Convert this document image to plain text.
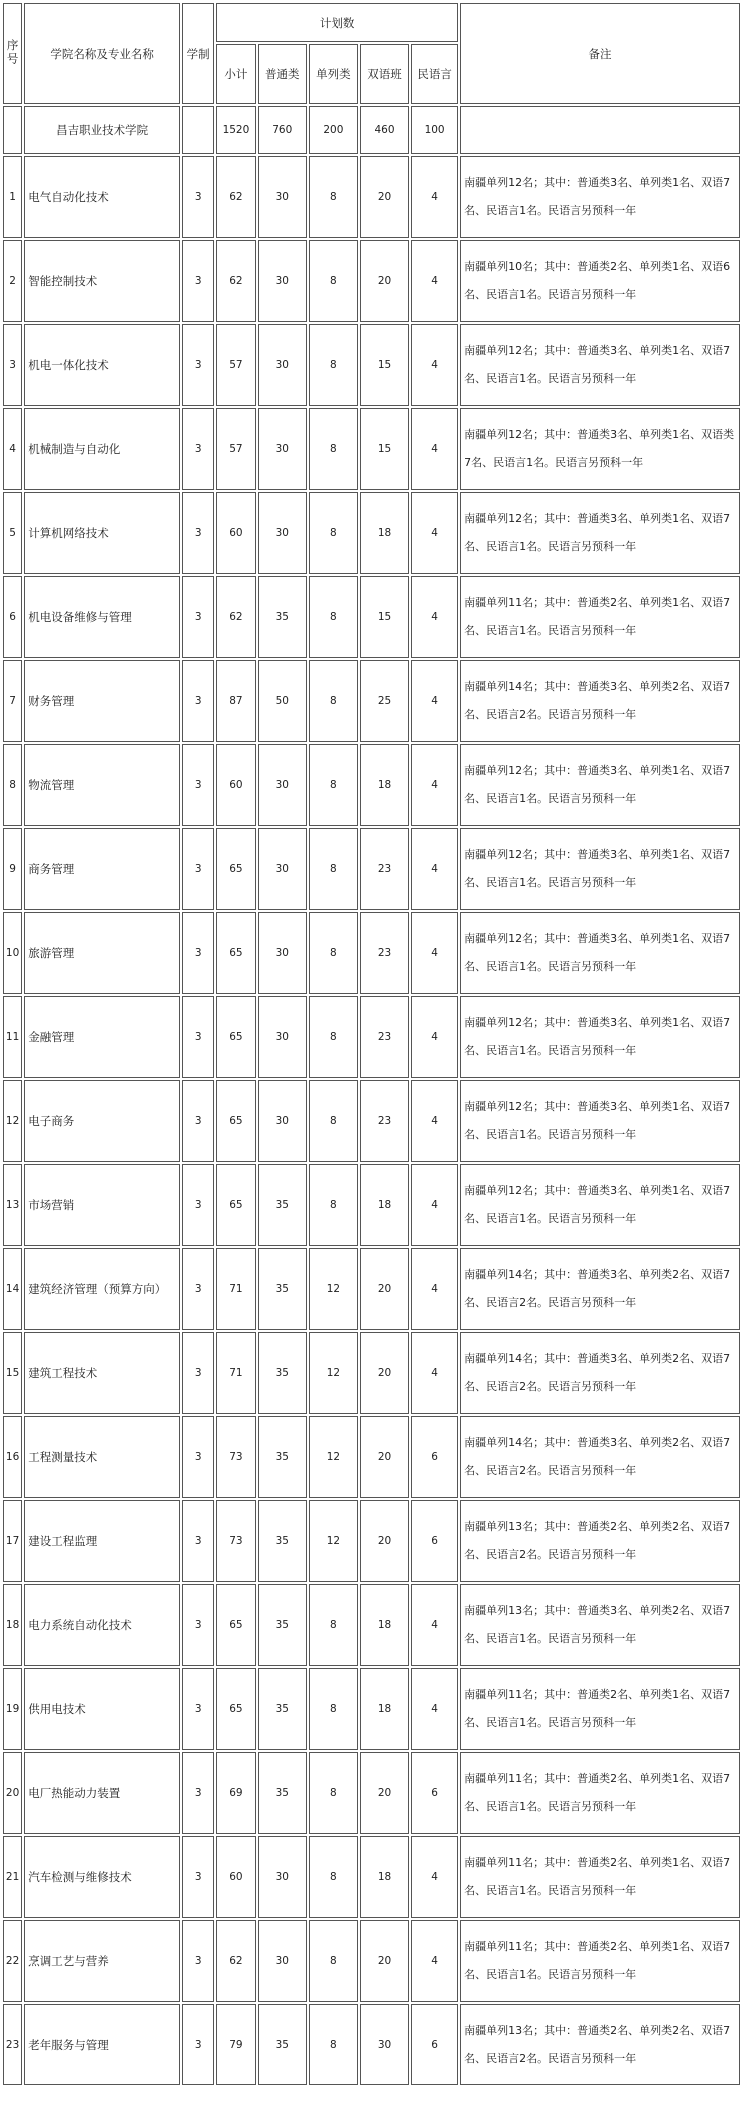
序号	学院名称及专业名称	学制	计划数					备注
			小计	普通类	单列类	双语班	民语言	
	昌吉职业技术学院		1520	760	200	460	100	
1	电气自动化技术	3	62	30	8	20	4	南疆单列12名；其中：普通类3名、单列类1名、双语7名、民语言1名。民语言另预科一年
2	智能控制技术	3	62	30	8	20	4	南疆单列10名；其中：普通类2名、单列类1名、双语6名、民语言1名。民语言另预科一年
3	机电一体化技术	3	57	30	8	15	4	南疆单列12名；其中：普通类3名、单列类1名、双语7名、民语言1名。民语言另预科一年
4	机械制造与自动化	3	57	30	8	15	4	南疆单列12名；其中：普通类3名、单列类1名、双语类7名、民语言1名。民语言另预科一年
5	计算机网络技术	3	60	30	8	18	4	南疆单列12名；其中：普通类3名、单列类1名、双语7名、民语言1名。民语言另预科一年
6	机电设备维修与管理	3	62	35	8	15	4	南疆单列11名；其中：普通类2名、单列类1名、双语7名、民语言1名。民语言另预科一年
7	财务管理	3	87	50	8	25	4	南疆单列14名；其中：普通类3名、单列类2名、双语7名、民语言2名。民语言另预科一年
8	物流管理	3	60	30	8	18	4	南疆单列12名；其中：普通类3名、单列类1名、双语7名、民语言1名。民语言另预科一年
9	商务管理	3	65	30	8	23	4	南疆单列12名；其中：普通类3名、单列类1名、双语7名、民语言1名。民语言另预科一年
10	旅游管理	3	65	30	8	23	4	南疆单列12名；其中：普通类3名、单列类1名、双语7名、民语言1名。民语言另预科一年
11	金融管理	3	65	30	8	23	4	南疆单列12名；其中：普通类3名、单列类1名、双语7名、民语言1名。民语言另预科一年
12	电子商务	3	65	30	8	23	4	南疆单列12名；其中：普通类3名、单列类1名、双语7名、民语言1名。民语言另预科一年
13	市场营销	3	65	35	8	18	4	南疆单列12名；其中：普通类3名、单列类1名、双语7名、民语言1名。民语言另预科一年
14	建筑经济管理（预算方向）	3	71	35	12	20	4	南疆单列14名；其中：普通类3名、单列类2名、双语7名、民语言2名。民语言另预科一年
15	建筑工程技术	3	71	35	12	20	4	南疆单列14名；其中：普通类3名、单列类2名、双语7名、民语言2名。民语言另预科一年
16	工程测量技术	3	73	35	12	20	6	南疆单列14名；其中：普通类3名、单列类2名、双语7名、民语言2名。民语言另预科一年
17	建设工程监理	3	73	35	12	20	6	南疆单列13名；其中：普通类2名、单列类2名、双语7名、民语言2名。民语言另预科一年
18	电力系统自动化技术	3	65	35	8	18	4	南疆单列13名；其中：普通类3名、单列类2名、双语7名、民语言1名。民语言另预科一年
19	供用电技术	3	65	35	8	18	4	南疆单列11名；其中：普通类2名、单列类1名、双语7名、民语言1名。民语言另预科一年
20	电厂热能动力装置	3	69	35	8	20	6	南疆单列11名；其中：普通类2名、单列类1名、双语7名、民语言1名。民语言另预科一年
21	汽车检测与维修技术	3	60	30	8	18	4	南疆单列11名；其中：普通类2名、单列类1名、双语7名、民语言1名。民语言另预科一年
22	烹调工艺与营养	3	62	30	8	20	4	南疆单列11名；其中：普通类2名、单列类1名、双语7名、民语言1名。民语言另预科一年
23	老年服务与管理	3	79	35	8	30	6	南疆单列13名；其中：普通类2名、单列类2名、双语7名、民语言2名。民语言另预科一年
